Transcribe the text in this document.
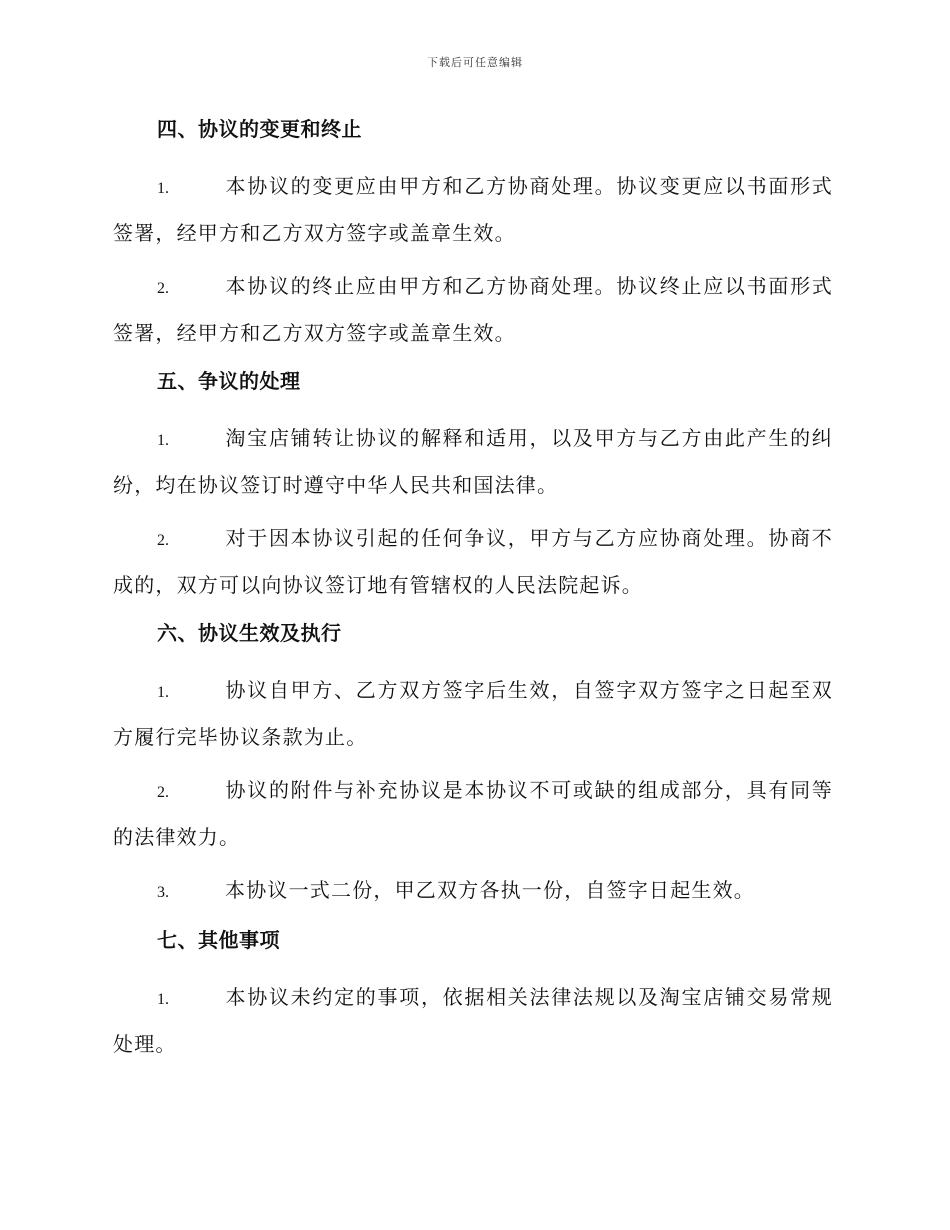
下载后可任意编辑
四、协议的变更和终止

1.	本协议的变更应由甲方和乙方协商处理。协议变更应以书面形式签署，经甲方和乙方双方签字或盖章生效。

2.	本协议的终止应由甲方和乙方协商处理。协议终止应以书面形式签署，经甲方和乙方双方签字或盖章生效。

五、争议的处理

1.	淘宝店铺转让协议的解释和适用，以及甲方与乙方由此产生的纠纷，均在协议签订时遵守中华人民共和国法律。

2.	对于因本协议引起的任何争议，甲方与乙方应协商处理。协商不成的，双方可以向协议签订地有管辖权的人民法院起诉。

六、协议生效及执行

1.	协议自甲方、乙方双方签字后生效，自签字双方签字之日起至双方履行完毕协议条款为止。

2.	协议的附件与补充协议是本协议不可或缺的组成部分，具有同等的法律效力。

3.	本协议一式二份，甲乙双方各执一份，自签字日起生效。

七、其他事项

1.	本协议未约定的事项，依据相关法律法规以及淘宝店铺交易常规处理。
